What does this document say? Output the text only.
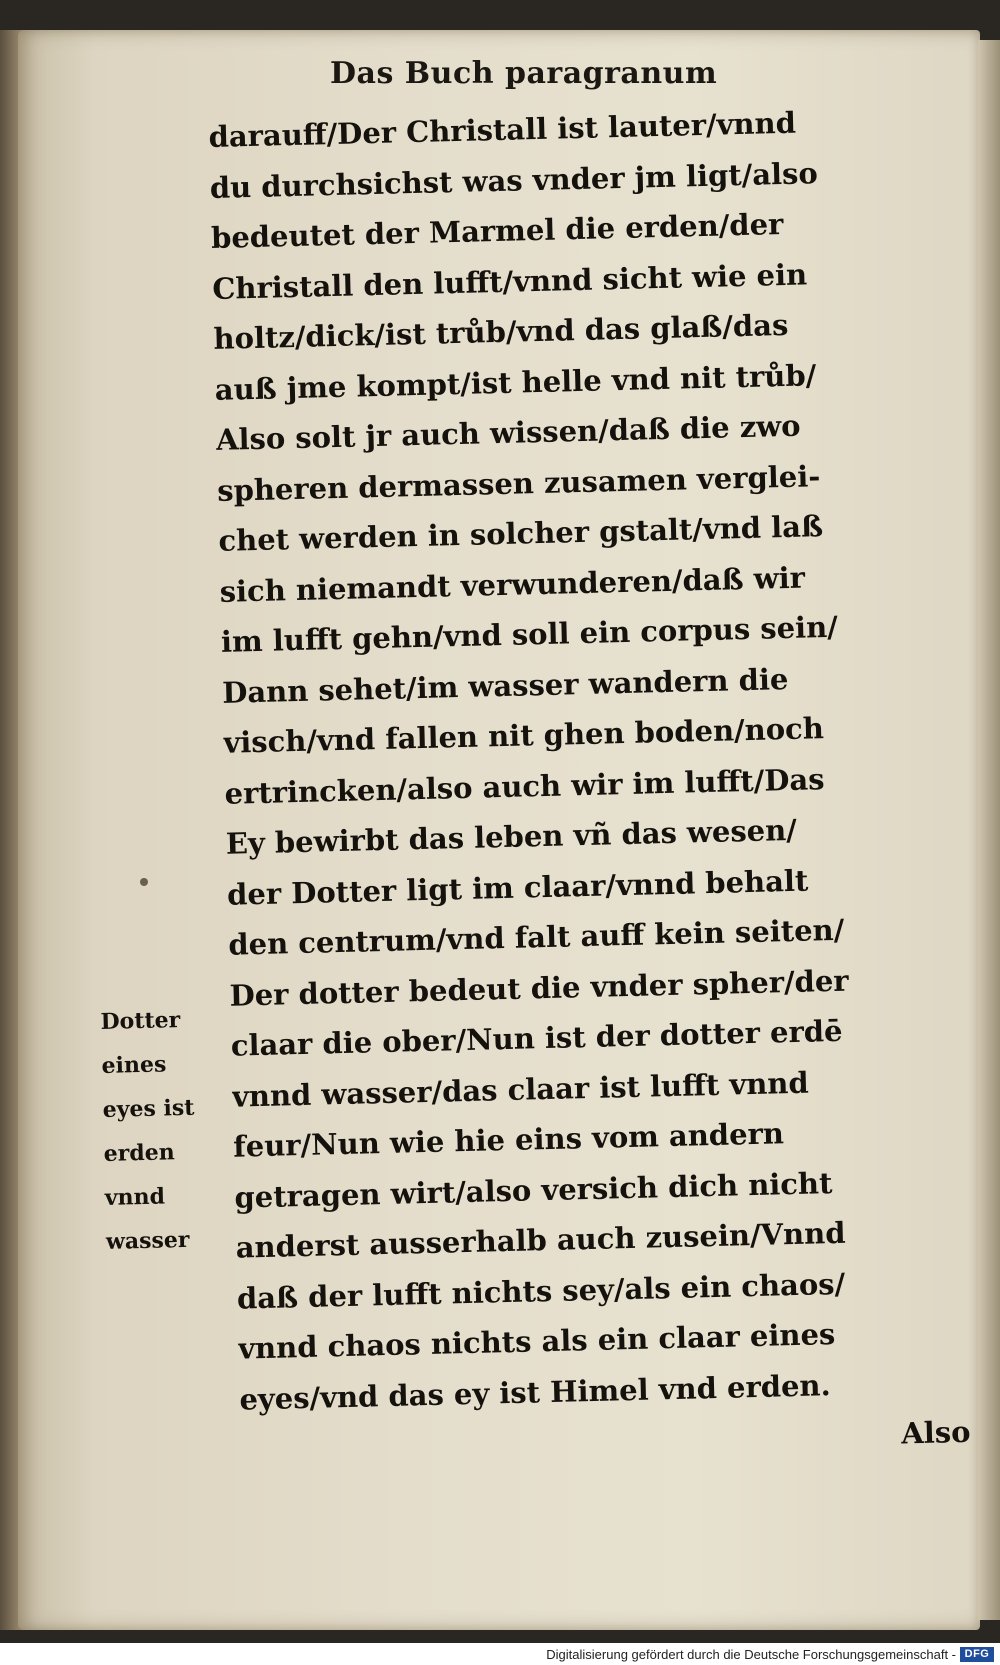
Das Buch paragranum
darauff/Der Christall ist lauter/vnnd
du durchsichst was vnder jm ligt/also
bedeutet der Marmel die erden/der
Christall den lufft/vnnd sicht wie ein
holtz/dick/ist trůb/vnd das glaß/das
auß jme kompt/ist helle vnd nit trůb/
Also solt jr auch wissen/daß die zwo
spheren dermassen zusamen verglei-
chet werden in solcher gstalt/vnd laß
sich niemandt verwunderen/daß wir
im lufft gehn/vnd soll ein corpus sein/
Dann sehet/im wasser wandern die
visch/vnd fallen nit ghen boden/noch
ertrincken/also auch wir im lufft/Das
Ey bewirbt das leben vñ das wesen/
der Dotter ligt im claar/vnnd behalt
den centrum/vnd falt auff kein seiten/
Der dotter bedeut die vnder spher/der
claar die ober/Nun ist der dotter erdē
vnnd wasser/das claar ist lufft vnnd
feur/Nun wie hie eins vom andern
getragen wirt/also versich dich nicht
anderst ausserhalb auch zusein/Vnnd
daß der lufft nichts sey/als ein chaos/
vnnd chaos nichts als ein claar eines
eyes/vnd das ey ist Himel vnd erden.
Also
Dotter
eines
eyes ist
erden
vnnd
wasser
Digitalisierung gefördert durch die Deutsche Forschungsgemeinschaft - DFG
